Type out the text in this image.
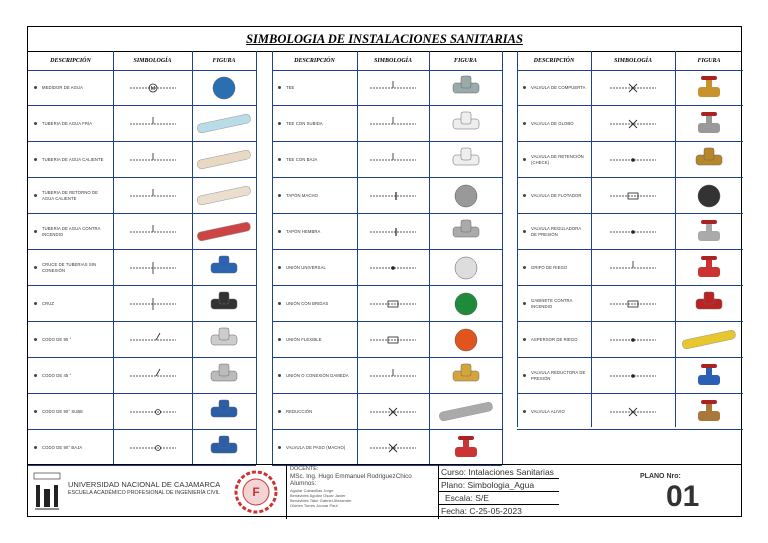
SIMBOLOGIA DE INSTALACIONES SANITARIAS
DESCRIPCIÓN	SIMBOLOGÍA	FIGURA
MEDIDOR DE AGUA	M
TUBERIA DE AGUA FRÍA
TUBERIA DE AGUA CALIENTE
TUBERIA DE RETORNO DE AGUA CALIENTE
TUBERIA DE AGUA CONTRA INCENDIO
CRUCE DE TUBERIAS SIN CONEXIÓN
CRUZ
CODO DE 90 °
CODO DE 45 °
CODO DE 90° SUBE
CODO DE 90° BAJA
DESCRIPCIÓN	SIMBOLOGÍA	FIGURA
TEE
TEE CON SUBIDA
TEE CON BAJA
TAPÓN MACHO
TAPÓN HEMBRA
UNIÓN UNIVERSAL
UNIÓN CON BRIDAS
UNIÓN FLEXIBLE
UNIÓN O CONEXIÓN DAMEDA
REDUCCIÓN
VALVULA DE PASO (MACHO)
DESCRIPCIÓN	SIMBOLOGÍA	FIGURA
VALVULA DE COMPUERTA
VALVULA DE GLOBO
VALVULA DE RETENCIÓN (CHECK)
VALVULA DE FLOTADOR
VALVULA REGULADORA DE PRESIÓN
GRIFO DE RIEGO
GABINETE CONTRA INCENDIO
ASPERSOR DE RIEGO
VALVULA REDUCTORA DE PRESIÓN
VALVULA ALIVIO
UNIVERSIDAD NACIONAL DE CAJAMARCA
ESCUELA ACADÉMICO PROFESIONAL DE INGENIERÍA CIVIL	F
DOCENTE:
MSc. Ing. Hugo Emmanuel RodriguezChico
Alumnos:
Aguilar Cabanillas Jorge
Benavides Aguilar Oscar Javier
Benavides Tafur Gabriel Alexander
Olórtes Torres Joonar Paul
Curso: Intalaciones Sanitarias
Plano: Simbologia_Agua
Escala: S/E
Fecha: C-25-05-2023
PLANO Nro:
01
